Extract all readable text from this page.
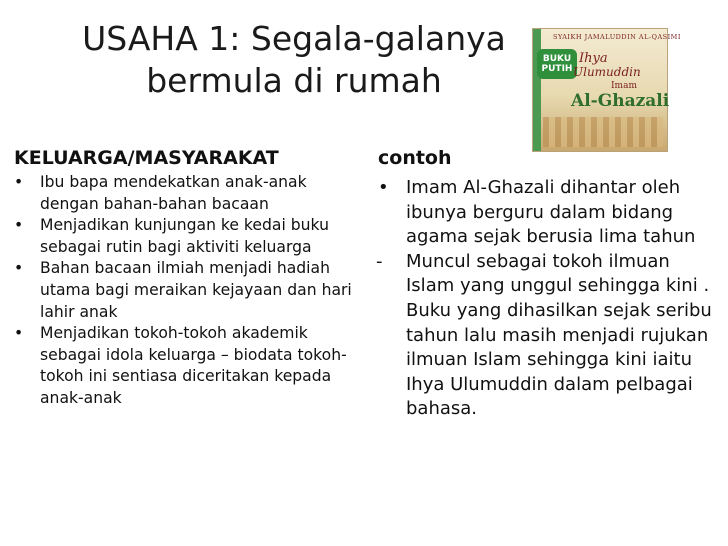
USAHA 1: Segala-galanya
bermula di rumah
SYAIKH JAMALUDDIN AL-QASIMI
BUKU
PUTIH
Ihya
Ulumuddin
Imam
Al-Ghazali
KELUARGA/MASYARAKAT	contoh
• Ibu bapa mendekatkan anak-anak dengan bahan-bahan bacaan
• Menjadikan kunjungan ke kedai buku sebagai rutin bagi aktiviti keluarga
• Bahan bacaan ilmiah menjadi hadiah utama bagi meraikan kejayaan dan hari lahir anak
• Menjadikan tokoh-tokoh akademik sebagai idola keluarga – biodata tokoh-tokoh ini sentiasa diceritakan kepada anak-anak
• Imam Al-Ghazali dihantar oleh ibunya berguru dalam bidang agama sejak berusia lima tahun
- Muncul sebagai tokoh ilmuan Islam yang unggul sehingga kini . Buku yang dihasilkan sejak seribu tahun lalu masih menjadi rujukan ilmuan Islam sehingga kini iaitu Ihya Ulumuddin dalam pelbagai bahasa.
